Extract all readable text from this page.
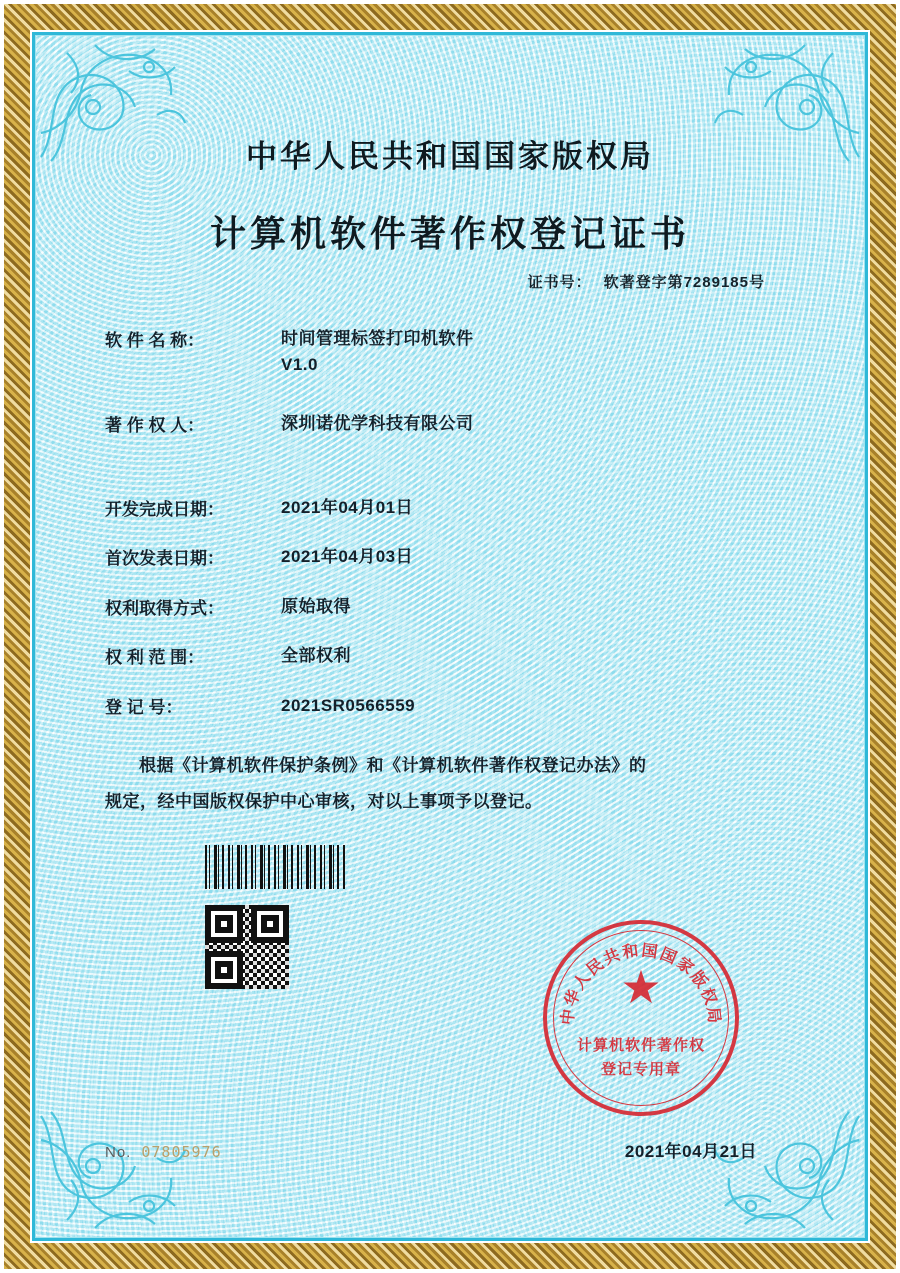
中华人民共和国国家版权局
计算机软件著作权登记证书
证书号： 软著登字第7289185号
软 件 名 称：	时间管理标签打印机软件
V1.0
著 作 权 人：	深圳诺优学科技有限公司
开发完成日期：	2021年04月01日
首次发表日期：	2021年04月03日
权利取得方式：	原始取得
权 利 范 围：	全部权利
登 记 号：	2021SR0566559
根据《计算机软件保护条例》和《计算机软件著作权登记办法》的
规定，经中国版权保护中心审核，对以上事项予以登记。
中华人民共和国国家版权局
★
计算机软件著作权
登记专用章
No. 07805976	2021年04月21日
